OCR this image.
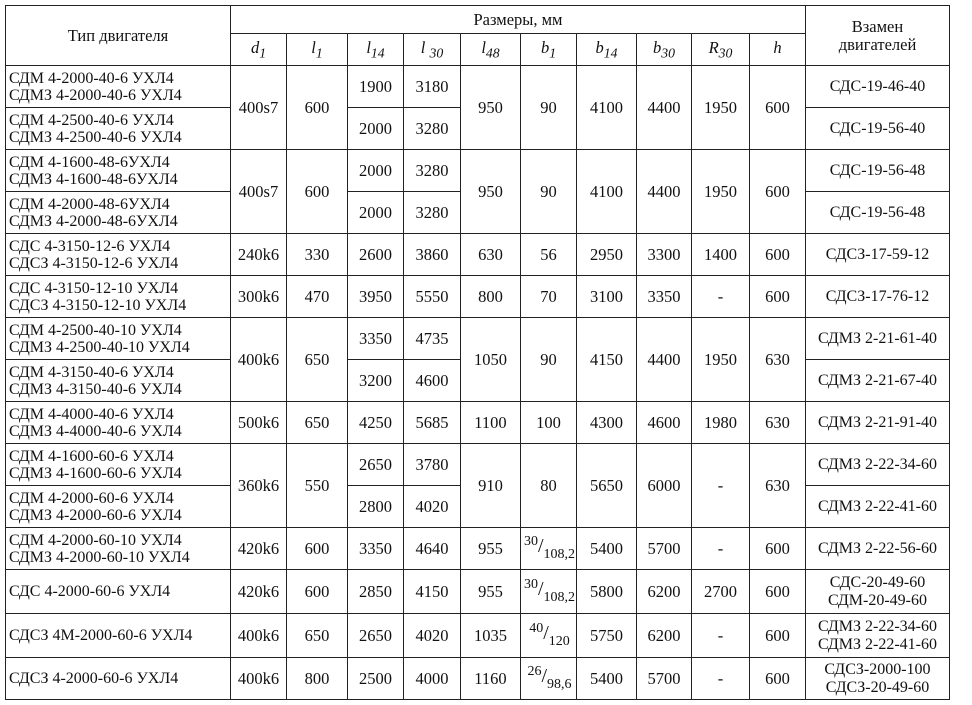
Тип двигателя	Размеры, мм										Взамен
двигателей
	$d_1$	$l_1$	$l_{14}$	l $_{30}$	$l_{48}$	$b_1$	$b_{14}$	$b_{30}$	$R_{30}$	h	

СДМ 4-2000-40-6 УХЛ4
СДМЗ 4-2000-40-6 УХЛ4	400s7	600	1900	3180	950	90	4100	4400	1950	600	СДС-19-46-40

СДМ 4-2500-40-6 УХЛ4
СДМЗ 4-2500-40-6 УХЛ4			2000	3280							СДС-19-56-40

СДМ 4-1600-48-6УХЛ4
СДМЗ 4-1600-48-6УХЛ4	400s7	600	2000	3280	950	90	4100	4400	1950	600	СДС-19-56-48

СДМ 4-2000-48-6УХЛ4
СДМЗ 4-2000-48-6УХЛ4			2000	3280							СДС-19-56-48

СДС 4-3150-12-6 УХЛ4
СДСЗ 4-3150-12-6 УХЛ4	240k6	330	2600	3860	630	56	2950	3300	1400	600	СДСЗ-17-59-12

СДС 4-3150-12-10 УХЛ4
СДСЗ 4-3150-12-10 УХЛ4	300k6	470	3950	5550	800	70	3100	3350	-	600	СДСЗ-17-76-12

СДМ 4-2500-40-10 УХЛ4
СДМЗ 4-2500-40-10 УХЛ4	400k6	650	3350	4735	1050	90	4150	4400	1950	630	СДМЗ 2-21-61-40

СДМ 4-3150-40-6 УХЛ4
СДМЗ 4-3150-40-6 УХЛ4			3200	4600							СДМЗ 2-21-67-40

СДМ 4-4000-40-6 УХЛ4
СДМЗ 4-4000-40-6 УХЛ4	500k6	650	4250	5685	1100	100	4300	4600	1980	630	СДМЗ 2-21-91-40

СДМ 4-1600-60-6 УХЛ4
СДМЗ 4-1600-60-6 УХЛ4	360k6	550	2650	3780	910	80	5650	6000	-	630	СДМЗ 2-22-34-60

СДМ 4-2000-60-6 УХЛ4
СДМЗ 4-2000-60-6 УХЛ4			2800	4020							СДМЗ 2-22-41-60

СДМ 4-2000-60-10 УХЛ4
СДМЗ 4-2000-60-10 УХЛ4	420k6	600	3350	4640	955	$^{30}/_{108,2}$	5400	5700	-	600	СДМЗ 2-22-56-60

СДС 4-2000-60-6 УХЛ4	420k6	600	2850	4150	955	$^{30}/_{108,2}$	5800	6200	2700	600	СДС-20-49-60
СДМ-20-49-60

СДСЗ 4М-2000-60-6 УХЛ4	400k6	650	2650	4020	1035	$^{40}/_{120}$	5750	6200	-	600	СДМЗ 2-22-34-60
СДМЗ 2-22-41-60

СДСЗ 4-2000-60-6 УХЛ4	400k6	800	2500	4000	1160	$^{26}/_{98,6}$	5400	5700	-	600	СДСЗ-2000-100
СДСЗ-20-49-60
